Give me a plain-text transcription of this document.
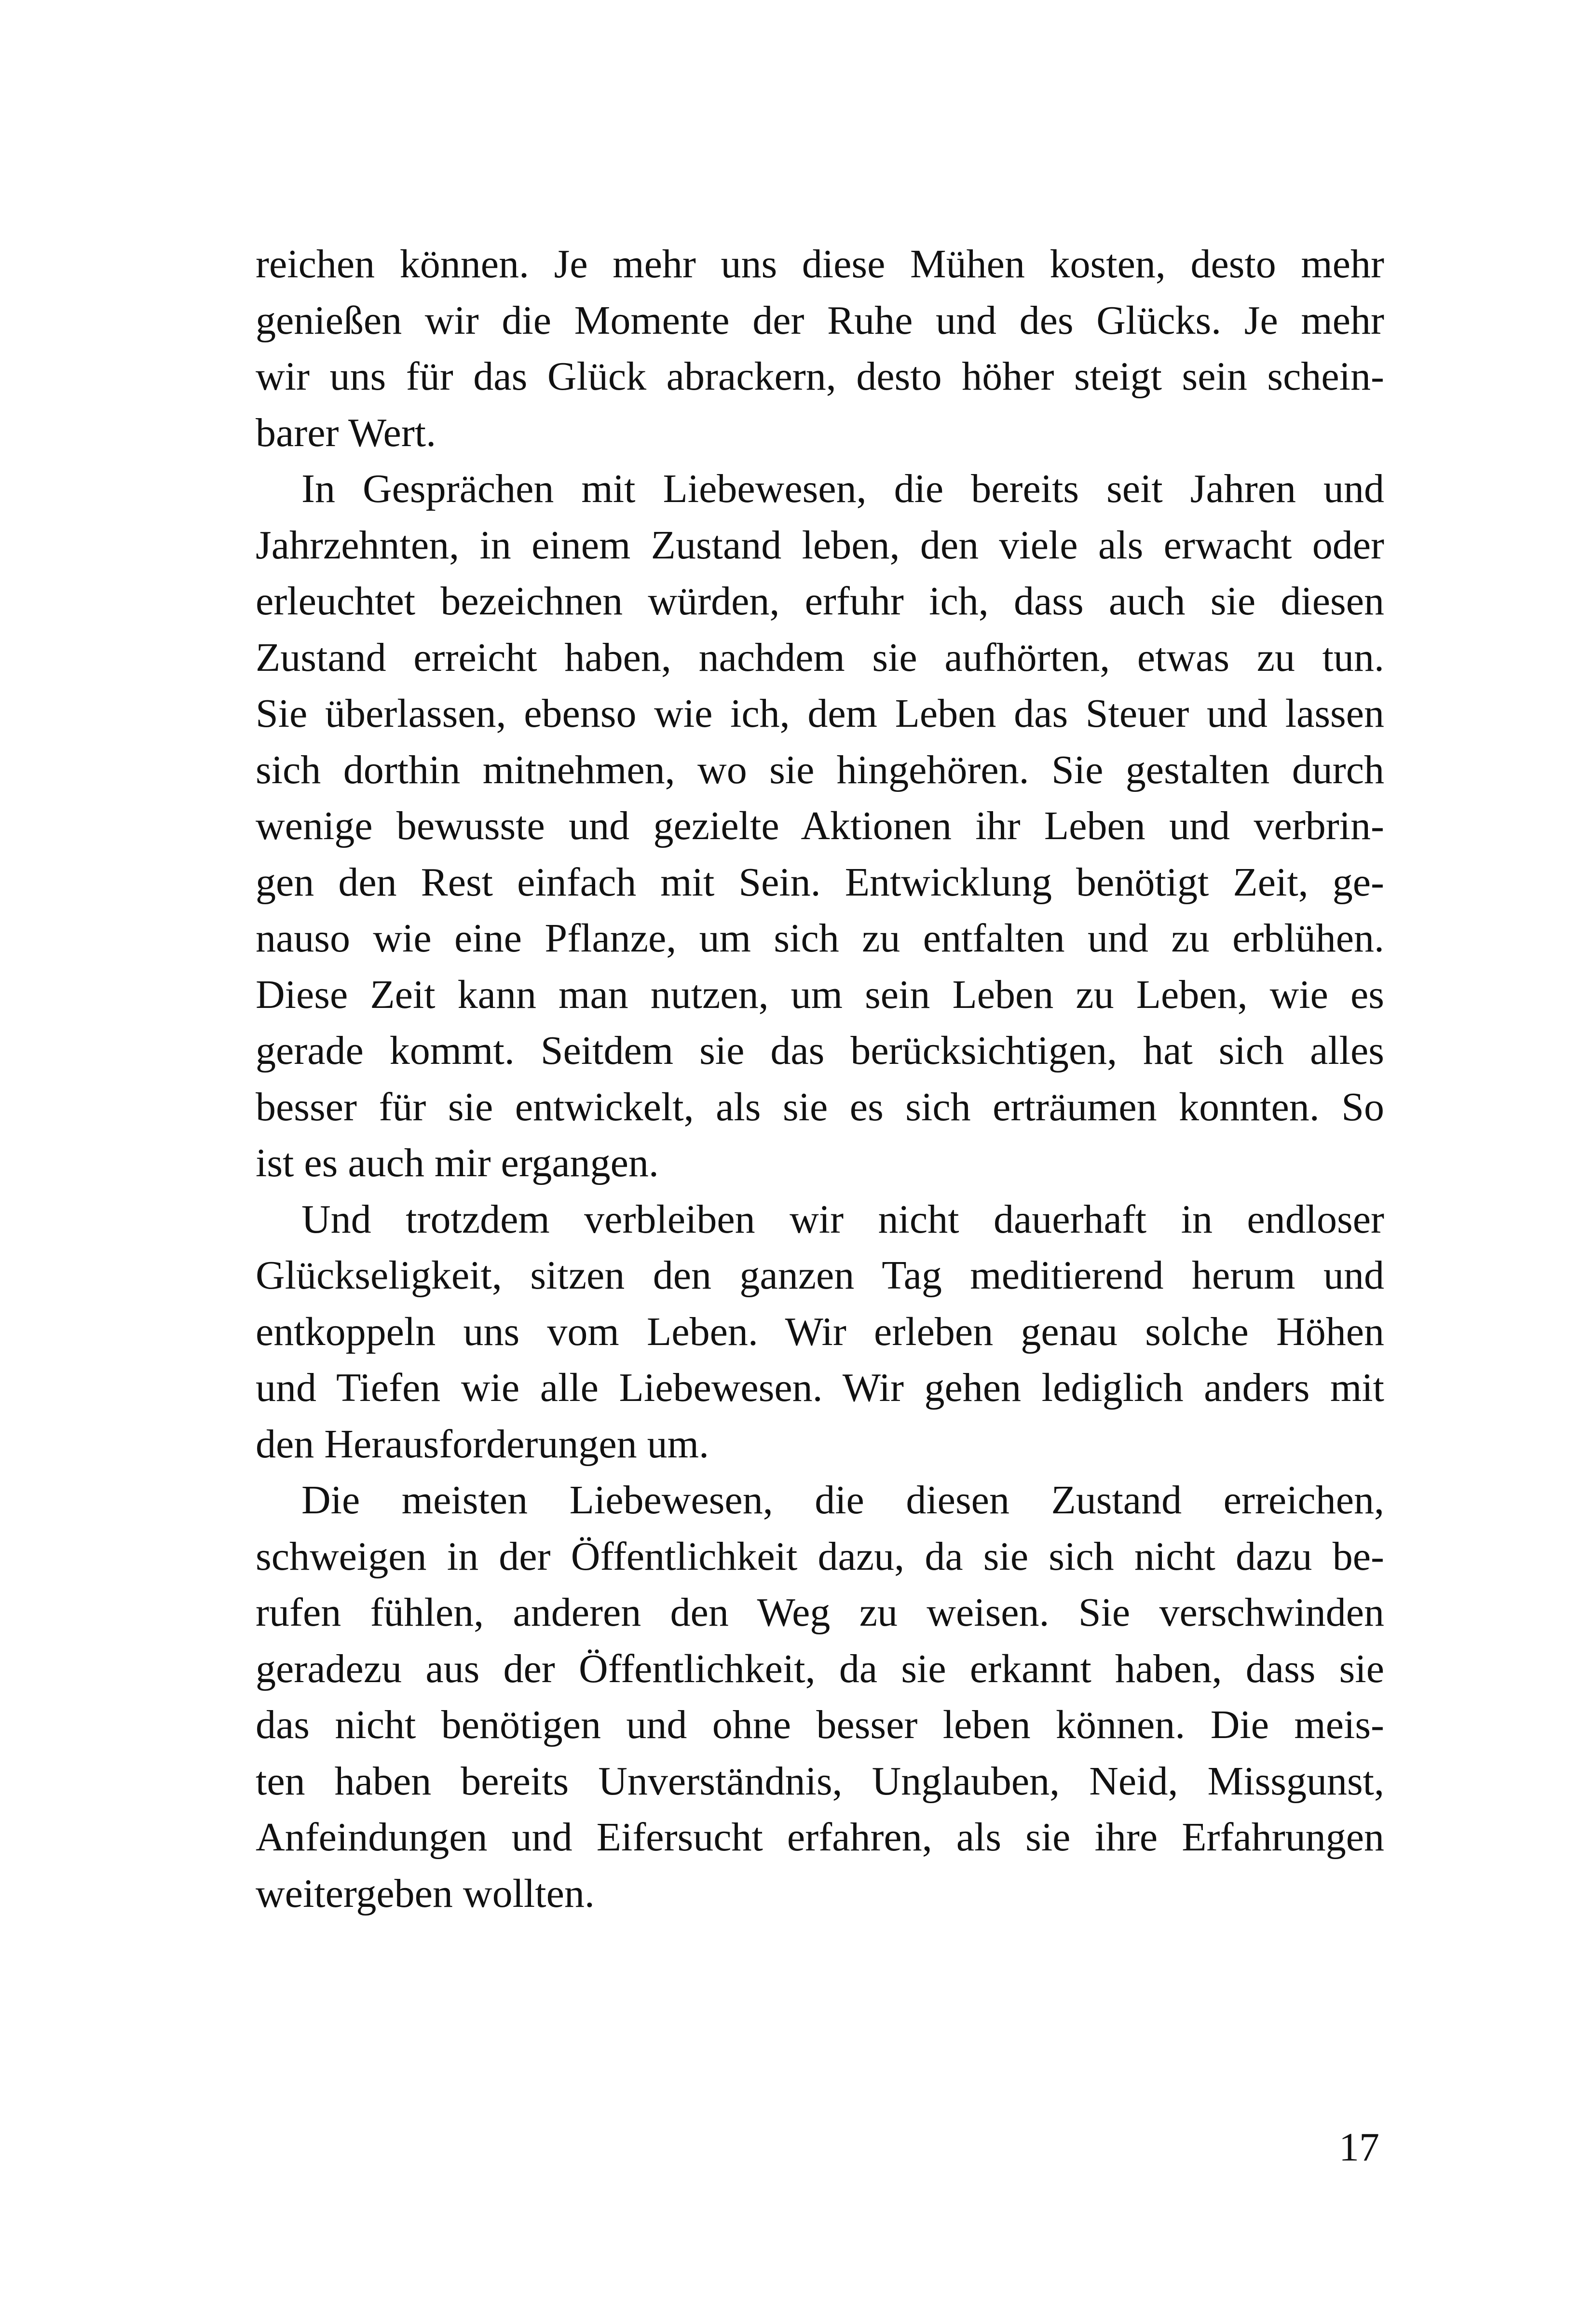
reichen können. Je mehr uns diese Mühen kosten, desto mehr
genießen wir die Momente der Ruhe und des Glücks. Je mehr
wir uns für das Glück abrackern, desto höher steigt sein schein-
barer Wert.
In Gesprächen mit Liebewesen, die bereits seit Jahren und
Jahrzehnten, in einem Zustand leben, den viele als erwacht oder
erleuchtet bezeichnen würden, erfuhr ich, dass auch sie diesen
Zustand erreicht haben, nachdem sie aufhörten, etwas zu tun.
Sie überlassen, ebenso wie ich, dem Leben das Steuer und lassen
sich dorthin mitnehmen, wo sie hingehören. Sie gestalten durch
wenige bewusste und gezielte Aktionen ihr Leben und verbrin-
gen den Rest einfach mit Sein. Entwicklung benötigt Zeit, ge-
nauso wie eine Pflanze, um sich zu entfalten und zu erblühen.
Diese Zeit kann man nutzen, um sein Leben zu Leben, wie es
gerade kommt. Seitdem sie das berücksichtigen, hat sich alles
besser für sie entwickelt, als sie es sich erträumen konnten. So
ist es auch mir ergangen.
Und trotzdem verbleiben wir nicht dauerhaft in endloser
Glückseligkeit, sitzen den ganzen Tag meditierend herum und
entkoppeln uns vom Leben. Wir erleben genau solche Höhen
und Tiefen wie alle Liebewesen. Wir gehen lediglich anders mit
den Herausforderungen um.
Die meisten Liebewesen, die diesen Zustand erreichen,
schweigen in der Öffentlichkeit dazu, da sie sich nicht dazu be-
rufen fühlen, anderen den Weg zu weisen. Sie verschwinden
geradezu aus der Öffentlichkeit, da sie erkannt haben, dass sie
das nicht benötigen und ohne besser leben können. Die meis-
ten haben bereits Unverständnis, Unglauben, Neid, Missgunst,
Anfeindungen und Eifersucht erfahren, als sie ihre Erfahrungen
weitergeben wollten.
17
